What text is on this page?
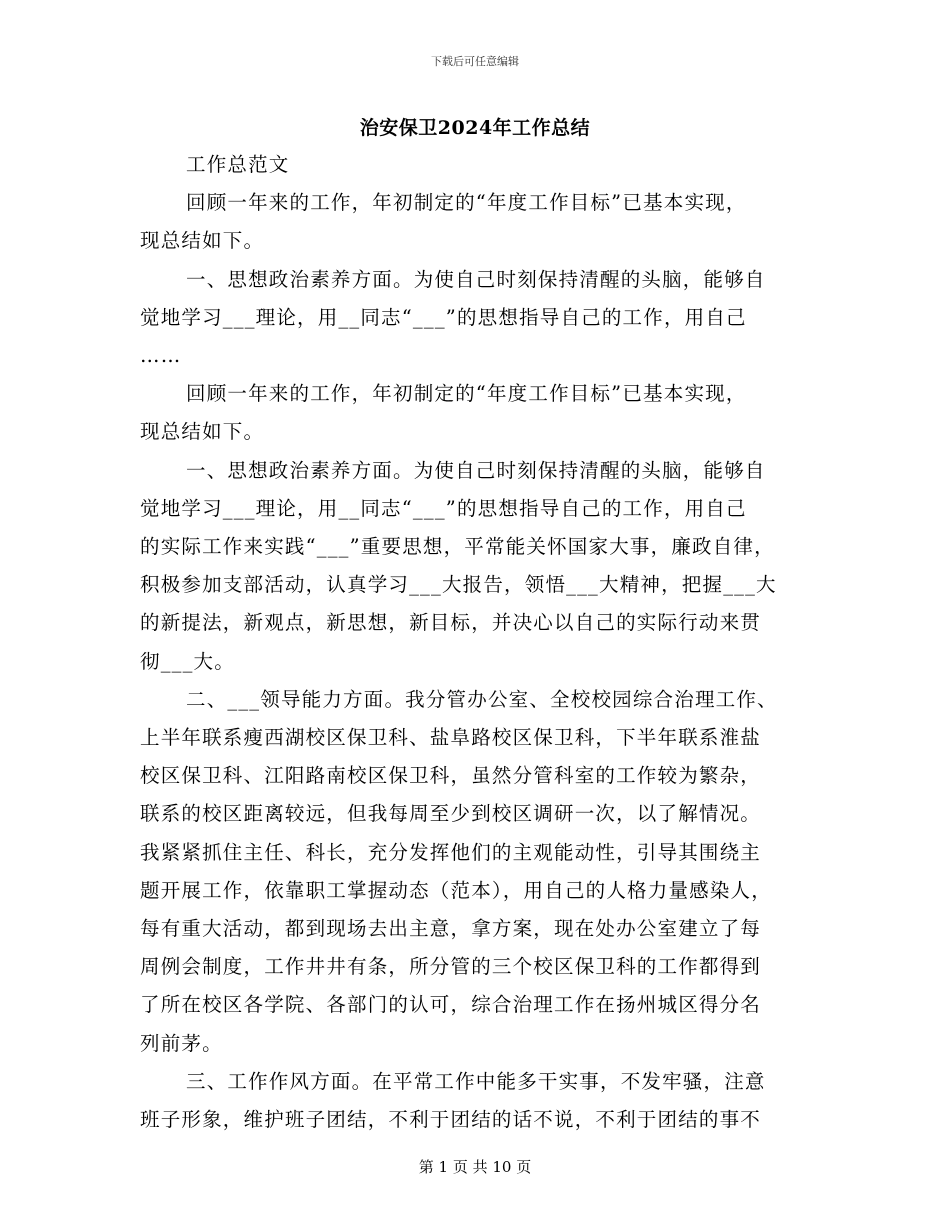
下载后可任意编辑
治安保卫2024年工作总结

工作总范文

回顾一年来的工作，年初制定的“年度工作目标”已基本实现，

现总结如下。

一、思想政治素养方面。为使自己时刻保持清醒的头脑，能够自

觉地学习___理论，用__同志“___”的思想指导自己的工作，用自己

……

回顾一年来的工作，年初制定的“年度工作目标”已基本实现，

现总结如下。

一、思想政治素养方面。为使自己时刻保持清醒的头脑，能够自

觉地学习___理论，用__同志“___”的思想指导自己的工作，用自己

的实际工作来实践“___”重要思想，平常能关怀国家大事，廉政自律，

积极参加支部活动，认真学习___大报告，领悟___大精神，把握___大

的新提法，新观点，新思想，新目标，并决心以自己的实际行动来贯

彻___大。

二、___领导能力方面。我分管办公室、全校校园综合治理工作、

上半年联系瘦西湖校区保卫科、盐阜路校区保卫科，下半年联系淮盐

校区保卫科、江阳路南校区保卫科，虽然分管科室的工作较为繁杂，

联系的校区距离较远，但我每周至少到校区调研一次，以了解情况。

我紧紧抓住主任、科长，充分发挥他们的主观能动性，引导其围绕主

题开展工作，依靠职工掌握动态（范本），用自己的人格力量感染人，

每有重大活动，都到现场去出主意，拿方案，现在处办公室建立了每

周例会制度，工作井井有条，所分管的三个校区保卫科的工作都得到

了所在校区各学院、各部门的认可，综合治理工作在扬州城区得分名

列前茅。

三、工作作风方面。在平常工作中能多干实事，不发牢骚，注意

班子形象，维护班子团结，不利于团结的话不说，不利于团结的事不

第 1 页 共 10 页
